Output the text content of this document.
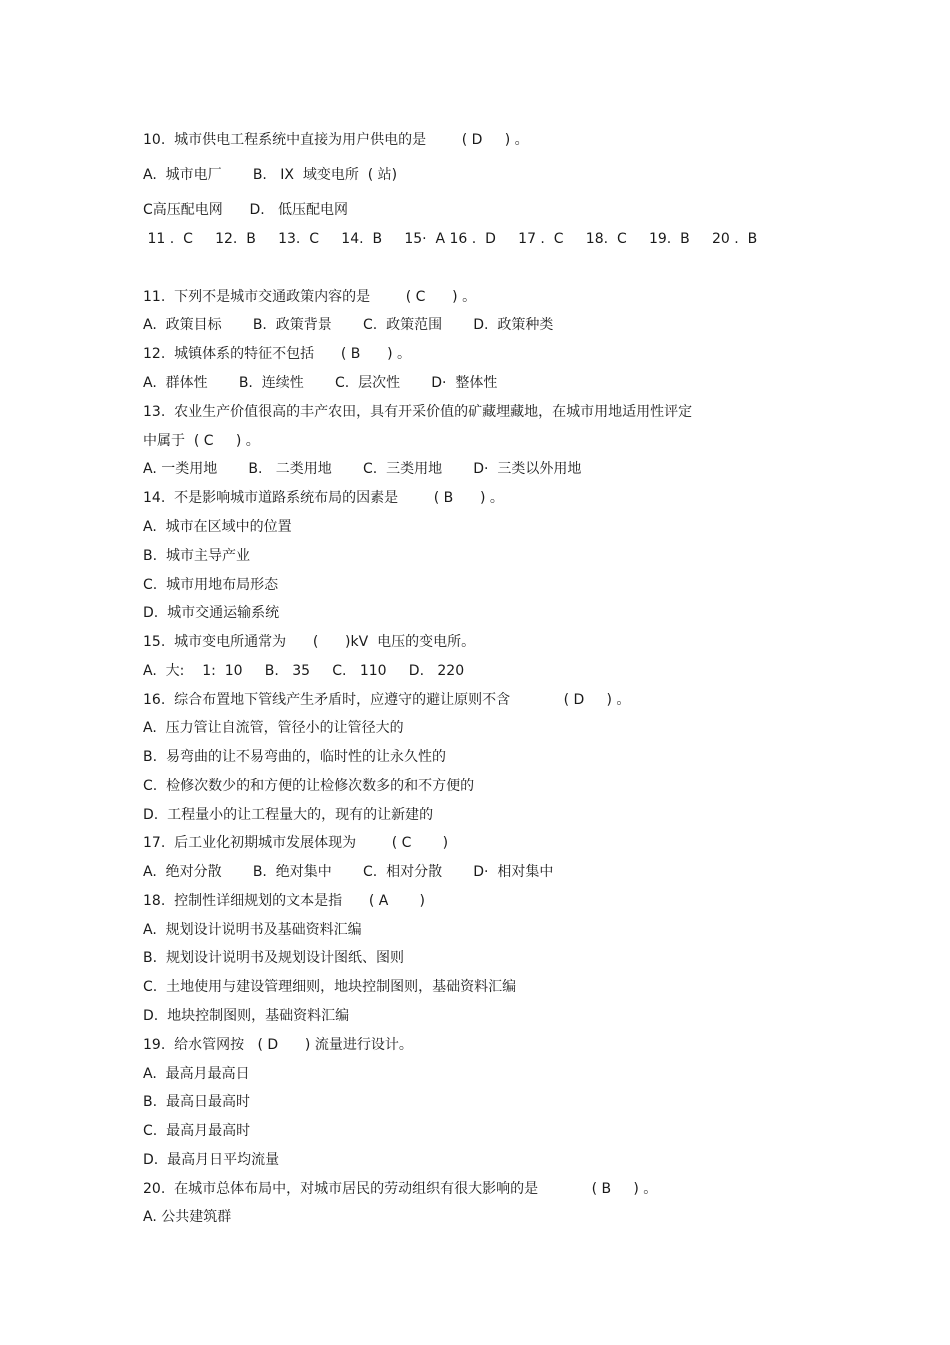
10.  城市供电工程系统中直接为用户供电的是        ( D     ) 。
A.  城市电厂       B.   IX  域变电所  ( 站)
C高压配电网      D.   低压配电网
11 .  C     12.  B     13.  C     14.  B     15·  A 16 .  D     17 .  C     18.  C     19.  B     20 .  B
11.  下列不是城市交通政策内容的是        ( C      ) 。
A.  政策目标       B.  政策背景       C.  政策范围       D.  政策种类
12.  城镇体系的特征不包括      ( B      ) 。
A.  群体性       B.  连续性       C.  层次性       D·  整体性
13.  农业生产价值很高的丰产农田，具有开采价值的矿藏埋藏地，在城市用地适用性评定
中属于  ( C     ) 。
A. 一类用地       B.   二类用地       C.  三类用地       D·  三类以外用地
14.  不是影响城市道路系统布局的因素是        ( B      ) 。
A.  城市在区域中的位置
B.  城市主导产业
C.  城市用地布局形态
D.  城市交通运输系统
15.  城市变电所通常为      (      )kV  电压的变电所。
A.  大:    1:  10     B.   35     C.   110     D.   220
16.  综合布置地下管线产生矛盾时，应遵守的避让原则不含            ( D     ) 。
A.  压力管让自流管，管径小的让管径大的
B.  易弯曲的让不易弯曲的，临时性的让永久性的
C.  检修次数少的和方便的让检修次数多的和不方便的
D.  工程量小的让工程量大的，现有的让新建的
17.  后工业化初期城市发展体现为        ( C       )
A.  绝对分散       B.  绝对集中       C.  相对分散       D·  相对集中
18.  控制性详细规划的文本是指      ( A       )
A.  规划设计说明书及基础资料汇编
B.  规划设计说明书及规划设计图纸、图则
C.  土地使用与建设管理细则，地块控制图则，基础资料汇编
D.  地块控制图则，基础资料汇编
19.  给水管网按   ( D      ) 流量进行设计。
A.  最高月最高日
B.  最高日最高时
C.  最高月最高时
D.  最高月日平均流量
20.  在城市总体布局中，对城市居民的劳动组织有很大影响的是            ( B     ) 。
A. 公共建筑群
